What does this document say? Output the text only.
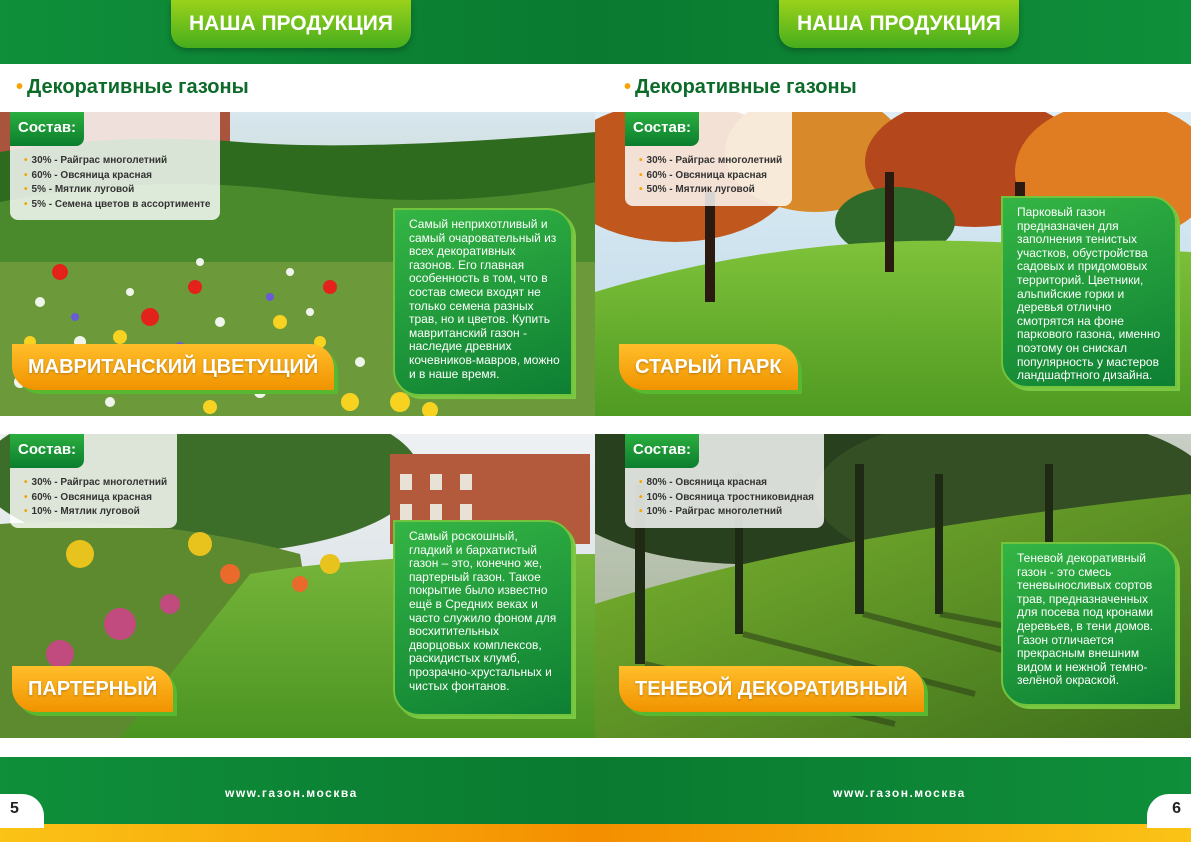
НАША ПРОДУКЦИЯ	НАША ПРОДУКЦИЯ
• Декоративные газоны	• Декоративные газоны
Состав:
• 30% - Райграс многолетний
• 60% - Овсяница красная
• 5% - Мятлик луговой
• 5% - Семена цветов в ассортименте
Самый неприхотливый и самый очаровательный из всех декоративных газонов. Его главная особенность в том, что в состав смеси входят не только семена разных трав, но и цветов. Купить мавританский газон - наследие древних кочевников-мавров, можно и в наше время.
МАВРИТАНСКИЙ ЦВЕТУЩИЙ
Состав:
• 30% - Райграс многолетний
• 60% - Овсяница красная
• 50% - Мятлик луговой
Парковый газон предназначен для заполнения тенистых участков, обустройства садовых и придомовых территорий. Цветники, альпийские горки и деревья отлично смотрятся на фоне паркового газона, именно поэтому он снискал популярность у мастеров ландшафтного дизайна.
СТАРЫЙ ПАРК
Состав:
• 30% - Райграс многолетний
• 60% - Овсяница красная
• 10% - Мятлик луговой
Самый роскошный, гладкий и бархатистый газон – это, конечно же, партерный газон. Такое покрытие было известно ещё в Средних веках и часто служило фоном для восхитительных дворцовых комплексов, раскидистых клумб, прозрачно-хрустальных и чистых фонтанов.
ПАРТЕРНЫЙ
Состав:
• 80% - Овсяница красная
• 10% - Овсяница тростниковидная
• 10% - Райграс многолетний
Теневой декоративный газон - это смесь теневыносливых сортов трав, предназначенных для посева под кронами деревьев, в тени домов. Газон отличается прекрасным внешним видом и нежной темно-зелёной окраской.
ТЕНЕВОЙ ДЕКОРАТИВНЫЙ
www.газон.москва	www.газон.москва
5	6
